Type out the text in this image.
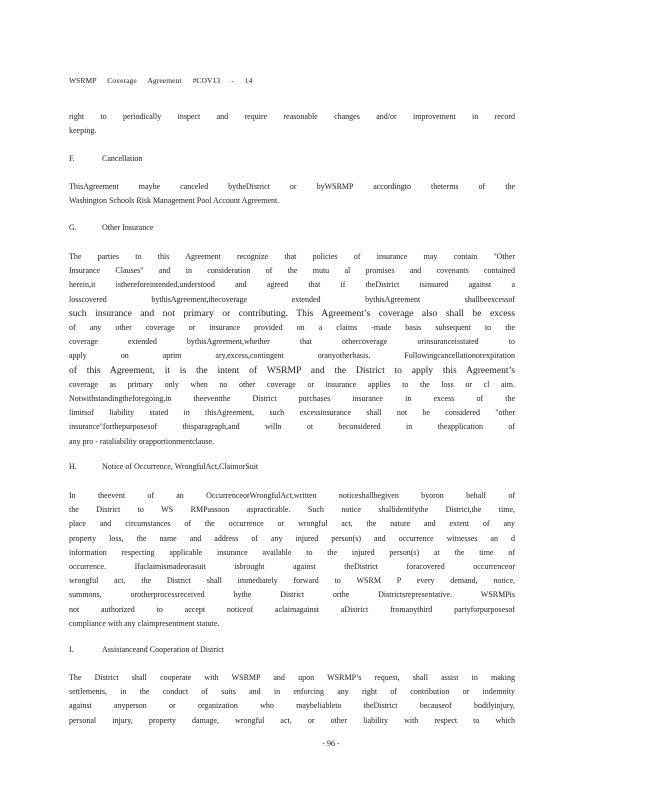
WSRMP Coverage Agreement #COV13 - 14
right to periodically inspect and require reasonable changes and/or improvement in record
keeping.
F.	Cancellation
ThisAgreement maybe canceled bytheDistrict or byWSRMP accordingto theterms of the
Washington Schools Risk Management Pool Account Agreement.
G.	Other Insurance
The parties to this Agreement recognize that policies of insurance may contain "Other
Insurance Clauses" and in consideration of the mutu al promises and covenants contained
herein,it isthereforeintended,understood and agreed that if theDistrict isinsured against a
losscovered bythisAgreement,thecoverage extended bythisAgreement shallbeexcessof
such insurance and not primary or contributing. This Agreement’s coverage also shall be excess
of any other coverage or insurance provided on a claims -made basis subsequent to the
coverage extended bythisAgreement,whether that othercoverage orinsuranceisstated to
apply on aprim ary,excess,contingent oranyotherbasis. Followingcancellationorexpiration
of this Agreement, it is the intent of WSRMP and the District to apply this Agreement’s
coverage as primary only when no other coverage or insurance applies to the loss or cl aim.
Notwithstandingtheforegoing,in theeventthe District purchases insurance in excess of the
limitsof liability stated in thisAgreement, such excessinsurance shall not be considered "other
insurance"forthepurposesof thisparagraph,and willn ot beconsidered in theapplication of
any pro - rataliability orapportionmentclause.
H.	Notice of Occurrence, WrongfulAct,ClaimorSuit
In theevent of an OccurrenceorWrongfulAct,written noticeshallbegiven byoron behalf of
the District to WS RMPassoon aspracticable. Such notice shallidentifythe District,the time,
place and circumstances of the occurrence or wrongful act, the nature and extent of any
property loss, the name and address of any injured person(s) and occurrence witnesses an d
information respecting applicable insurance available to the injured person(s) at the time of
occurrence. Ifaclaimismadeorasuit isbrought against theDistrict foracovered occurrenceor
wrongful act, the District shall immediately forward to WSRM P every demand, notice,
summons, orotherprocessreceived bythe District orthe Districtsrepresentative. WSRMPis
not authorized to accept noticeof aclaimagainst aDistrict fromanythird partyforpurposesof
compliance with any claimpresentment statute.
I.	Assistanceand Cooperation of District
The District shall cooperate with WSRMP and upon WSRMP’s request, shall assist in making
settlements, in the conduct of suits and in enforcing any right of contribution or indemnity
against anyperson or organization who maybeliableto theDistrict becauseof bodilyinjury,
personal injury, property damage, wrongful act, or other liability with respect to which
- 96 -
